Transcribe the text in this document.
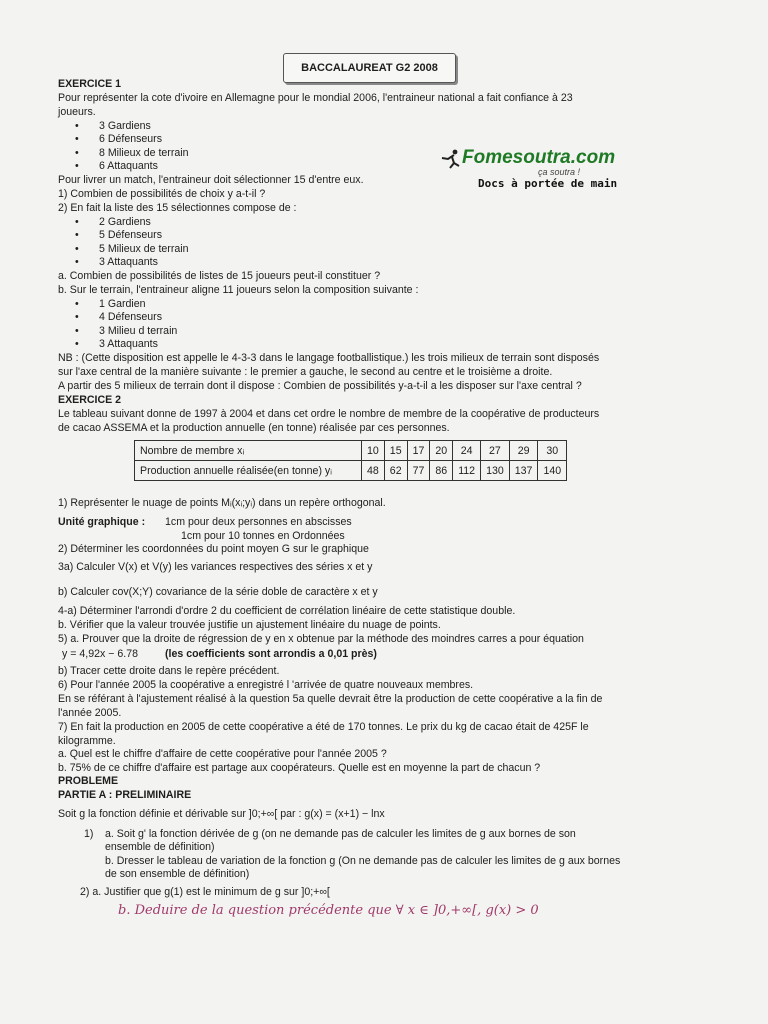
BACCALAUREAT G2 2008
Fomesoutra.com
ça soutra !
Docs à portée de main
EXERCICE 1
Pour représenter la cote d'ivoire en Allemagne pour le mondial 2006, l'entraineur national a fait confiance à 23
joueurs.
• 3 Gardiens
• 6 Défenseurs
• 8 Milieux de terrain
• 6 Attaquants
Pour livrer un match, l'entraineur doit sélectionner 15 d'entre eux.
1) Combien de possibilités de choix y a-t-il ?
2) En fait la liste des 15 sélectionnes compose de :
• 2 Gardiens
• 5 Défenseurs
• 5 Milieux de terrain
• 3 Attaquants
a. Combien de possibilités de listes de 15 joueurs peut-il constituer ?
b. Sur le terrain, l'entraineur aligne 11 joueurs selon la composition suivante :
• 1 Gardien
• 4 Défenseurs
• 3 Milieu d terrain
• 3 Attaquants
NB : (Cette disposition est appelle le 4-3-3 dans le langage footballistique.) les trois milieux de terrain sont disposés
sur l'axe central de la manière suivante : le premier a gauche, le second au centre et le troisième a droite.
A partir des 5 milieux de terrain dont il dispose : Combien de possibilités y-a-t-il a les disposer sur l'axe central ?
EXERCICE 2
Le tableau suivant donne de 1997 à 2004 et dans cet ordre le nombre de membre de la coopérative de producteurs
de cacao ASSEMA et la production annuelle (en tonne) réalisée par ces personnes.
Nombre de membre xᵢ	10	15	17	20	24	27	29	30
Production annuelle réalisée(en tonne) yᵢ	48	62	77	86	112	130	137	140
1) Représenter le nuage de points Mᵢ(xᵢ;yᵢ) dans un repère orthogonal.
Unité graphique : 1cm pour deux personnes en abscisses
1cm pour 10 tonnes en Ordonnées
2) Déterminer les coordonnées du point moyen G sur le graphique
3a) Calculer V(x) et V(y) les variances respectives des séries x et y
b) Calculer cov(X;Y) covariance de la série doble de caractère x et y
4-a) Déterminer l'arrondi d'ordre 2 du coefficient de corrélation linéaire de cette statistique double.
b. Vérifier que la valeur trouvée justifie un ajustement linéaire du nuage de points.
5) a. Prouver que la droite de régression de y en x obtenue par la méthode des moindres carres a pour équation
y = 4,92x − 6.78	(les coefficients sont arrondis a 0,01 près)
b) Tracer cette droite dans le repère précédent.
6) Pour l'année 2005 la coopérative a enregistré l 'arrivée de quatre nouveaux membres.
En se référant à l'ajustement réalisé à la question 5a quelle devrait être la production de cette coopérative a la fin de
l'année 2005.
7) En fait la production en 2005 de cette coopérative a été de 170 tonnes. Le prix du kg de cacao était de 425F le
kilogramme.
a. Quel est le chiffre d'affaire de cette coopérative pour l'année 2005 ?
b. 75% de ce chiffre d'affaire est partage aux coopérateurs. Quelle est en moyenne la part de chacun ?
PROBLEME
PARTIE A : PRELIMINAIRE
Soit g la fonction définie et dérivable sur ]0;+∞[ par : g(x) = (x+1) − lnx
1) a. Soit g' la fonction dérivée de g (on ne demande pas de calculer les limites de g aux bornes de son
ensemble de définition)
b. Dresser le tableau de variation de la fonction g (On ne demande pas de calculer les limites de g aux bornes
de son ensemble de définition)
2) a. Justifier que g(1) est le minimum de g sur ]0;+∞[
b. Deduire de la question précédente que ∀ x ∈ ]0,+∞[, g(x) > 0
